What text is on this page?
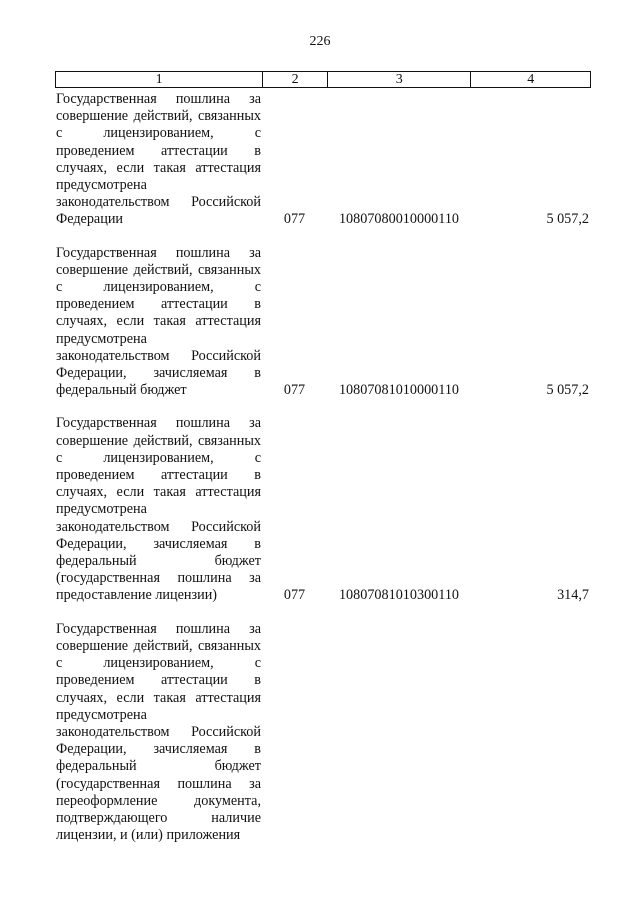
226
1	2	3	4
Государственная пошлина за совершение действий, связанных с лицензированием, с проведением аттестации в случаях, если такая аттестация предусмотрена законодательством Российской Федерации	077	10807080010000110	5 057,2
Государственная пошлина за совершение действий, связанных с лицензированием, с проведением аттестации в случаях, если такая аттестация предусмотрена законодательством Российской Федерации, зачисляемая в федеральный бюджет	077	10807081010000110	5 057,2
Государственная пошлина за совершение действий, связанных с лицензированием, с проведением аттестации в случаях, если такая аттестация предусмотрена законодательством Российской Федерации, зачисляемая в федеральный бюджет (государственная пошлина за предоставление лицензии)	077	10807081010300110	314,7
Государственная пошлина за совершение действий, связанных с лицензированием, с проведением аттестации в случаях, если такая аттестация предусмотрена законодательством Российской Федерации, зачисляемая в федеральный бюджет (государственная пошлина за переоформление документа, подтверждающего наличие лицензии, и (или) приложения
